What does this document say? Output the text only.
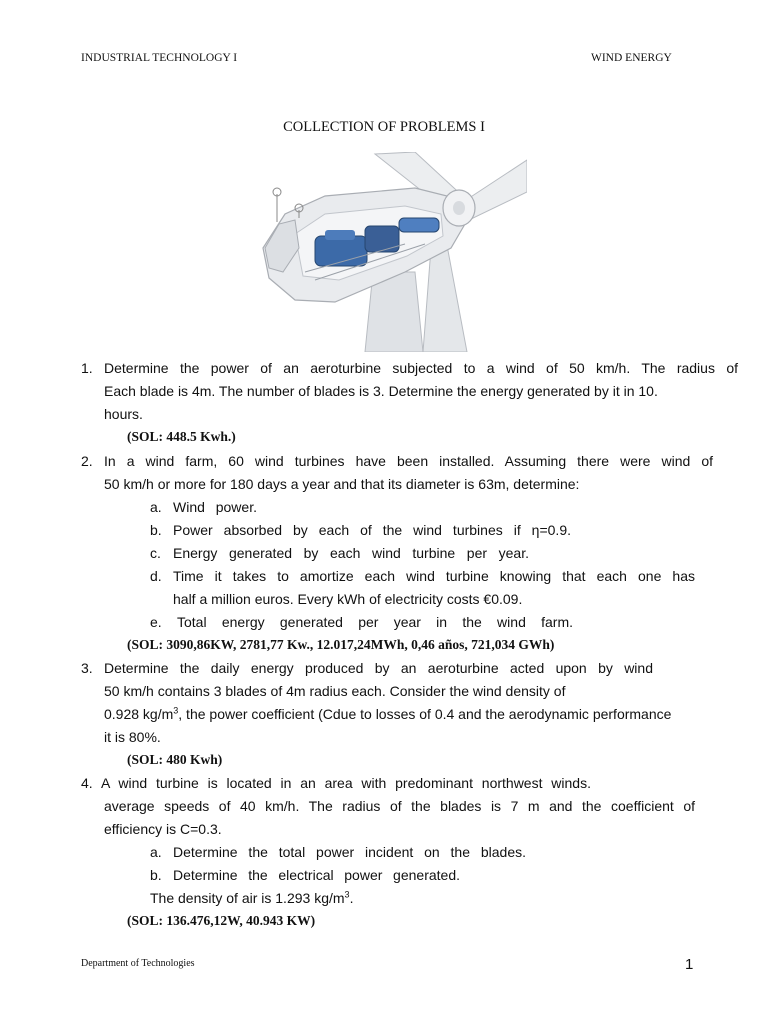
INDUSTRIAL TECHNOLOGY I	WIND ENERGY
COLLECTION OF PROBLEMS I
1. Determine the power of an aeroturbine subjected to a wind of 50 km/h. The radius of
Each blade is 4m. The number of blades is 3. Determine the energy generated by it in 10.
hours.
(SOL: 448.5 Kwh.)
2. In a wind farm, 60 wind turbines have been installed. Assuming there were wind of
50 km/h or more for 180 days a year and that its diameter is 63m, determine:
a. Wind power.
b. Power absorbed by each of the wind turbines if η=0.9.
c. Energy generated by each wind turbine per year.
d. Time it takes to amortize each wind turbine knowing that each one has
half a million euros. Every kWh of electricity costs €0.09.
e. Total energy generated per year in the wind farm.
(SOL: 3090,86KW, 2781,77 Kw., 12.017,24MWh, 0,46 años, 721,034 GWh)
3. Determine the daily energy produced by an aeroturbine acted upon by wind
50 km/h contains 3 blades of 4m radius each. Consider the wind density of
0.928 $kg/m^3$, the power coefficient (Cdue to losses of 0.4 and the aerodynamic performance
it is 80%.
(SOL: 480 Kwh)
4. A wind turbine is located in an area with predominant northwest winds.
average speeds of 40 km/h. The radius of the blades is 7 m and the coefficient of
efficiency is C=0.3.
a. Determine the total power incident on the blades.
b. Determine the electrical power generated.
The density of air is 1.293 $kg/m^3$.
(SOL: 136.476,12W, 40.943 KW)
Department of Technologies	1
